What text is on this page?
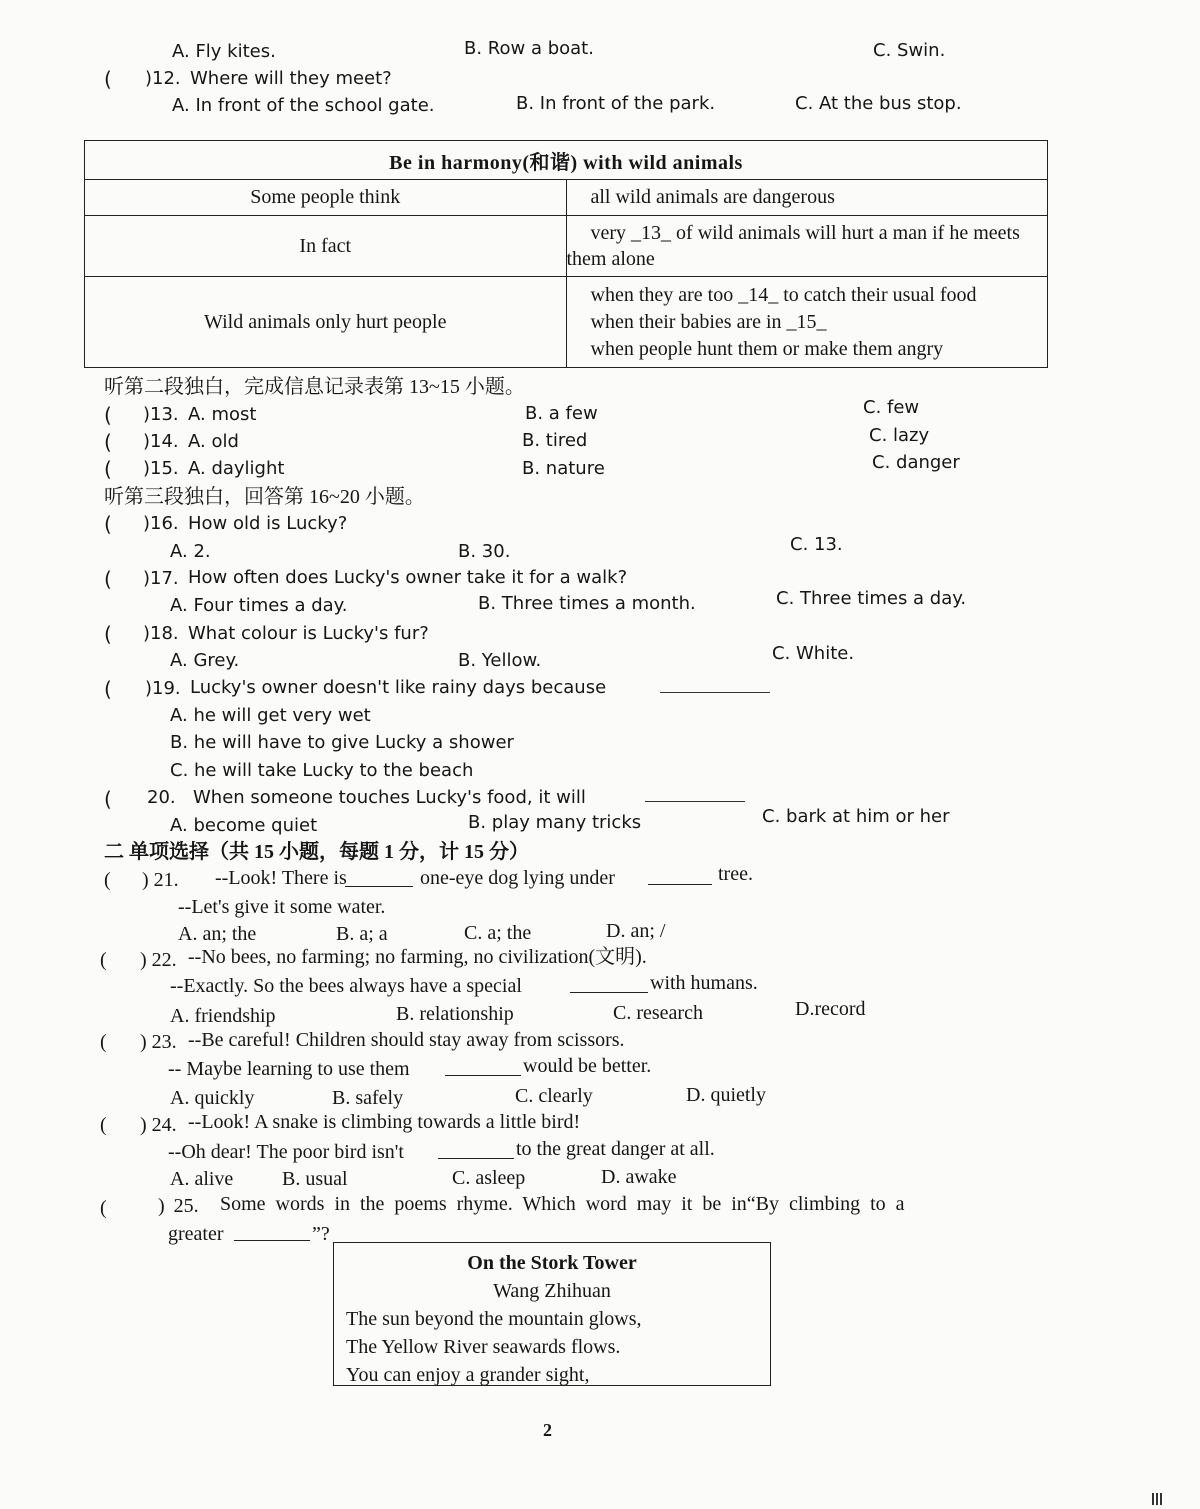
A. Fly kites.	B. Row a boat.	C. Swin.
( )12. Where will they meet?
A. In front of the school gate.	B. In front of the park.	C. At the bus stop.
Be in harmony(和谐) with wild animals	
Some people think	all wild animals are dangerous
In fact	very _13_ of wild animals will hurt a man if he meets them alone
Wild animals only hurt people	when they are too _14_ to catch their usual food
when their babies are in _15_
when people hunt them or make them angry
听第二段独白，完成信息记录表第 13~15 小题。
( )13. A. most	B. a few	C. few
( )14. A. old	B. tired	C. lazy
( )15. A. daylight	B. nature	C. danger
听第三段独白，回答第 16~20 小题。
( )16. How old is Lucky?
A. 2.	B. 30.	C. 13.
( )17. How often does Lucky's owner take it for a walk?
A. Four times a day.	B. Three times a month.	C. Three times a day.
( )18. What colour is Lucky's fur?
A. Grey.	B. Yellow.	C. White.
( )19. Lucky's owner doesn't like rainy days because
A. he will get very wet
B. he will have to give Lucky a shower
C. he will take Lucky to the beach
( 20. When someone touches Lucky's food, it will
A. become quiet	B. play many tricks	C. bark at him or her
二 单项选择（共 15 小题，每题 1 分，计 15 分）
( ) 21. --Look! There is	one-eye dog lying under	tree.
--Let's give it some water.
A. an; the	B. a; a	C. a; the	D. an; /
( ) 22. --No bees, no farming; no farming, no civilization(文明).
--Exactly. So the bees always have a special	with humans.
A. friendship	B. relationship	C. research	D.record
( ) 23. --Be careful! Children should stay away from scissors.
-- Maybe learning to use them	would be better.
A. quickly	B. safely	C. clearly	D. quietly
( ) 24. --Look! A snake is climbing towards a little bird!
--Oh dear! The poor bird isn't	to the great danger at all.
A. alive B. usual	C. asleep	D. awake
(	) 25. Some words in the poems rhyme. Which word may it be in“By climbing to a
greater	”?
On the Stork Tower
Wang Zhihuan
The sun beyond the mountain glows,
The Yellow River seawards flows.
You can enjoy a grander sight,
2
